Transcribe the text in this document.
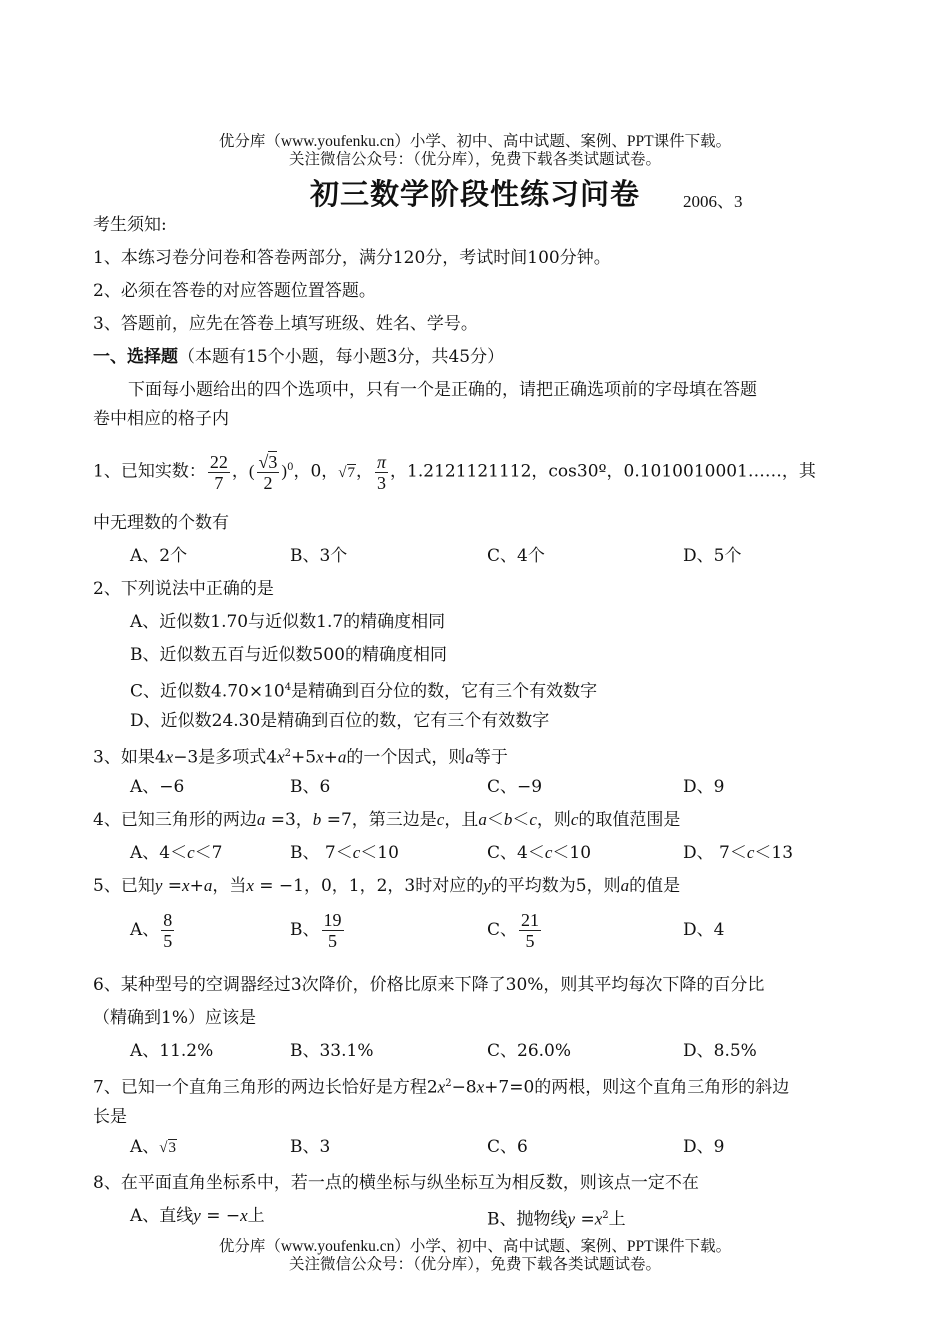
优分库（www.youfenku.cn）小学、初中、高中试题、案例、PPT课件下载。
关注微信公众号：（优分库），免费下载各类试题试卷。
初三数学阶段性练习问卷	2006、3
考生须知:
1、本练习卷分问卷和答卷两部分，满分120分，考试时间100分钟。
2、必须在答卷的对应答题位置答题。
3、答题前，应先在答卷上填写班级、姓名、学号。
一、选择题（本题有15个小题，每小题3分，共45分）
下面每小题给出的四个选项中，只有一个是正确的，请把正确选项前的字母填在答题
卷中相应的格子内
1、已知实数： $\frac{22}{7}$ ，( $\frac{√3}{2} )^0$，0，√7， $\frac{\pi}{3}$ ，1.2121121112，cos30º，0.1010010001……，其
中无理数的个数有
A、2个	B、3个	C、4个	D、5个
2、下列说法中正确的是
A、近似数1.70与近似数1.7的精确度相同
B、近似数五百与近似数500的精确度相同
C、近似数$4.70\times 10^4$是精确到百分位的数，它有三个有效数字
D、近似数24.30是精确到百位的数，它有三个有效数字
3、如果4x−3是多项式$4x^2+5x+a$的一个因式，则a等于
A、−6	B、6	C、−9	D、9
4、已知三角形的两边a =3，b =7，第三边是c，且a＜b＜c，则c的取值范围是
A、4＜c＜7	B、 7＜c＜10	C、4＜c＜10	D、 7＜c＜13
5、已知y =x+a，当x = −1，0，1，2，3时对应的y的平均数为5，则a的值是
A、 $\frac{8}{5}$	B、 $\frac{19}{5}$	C、 $\frac{21}{5}$	D、4
6、某种型号的空调器经过3次降价，价格比原来下降了30%，则其平均每次下降的百分比
（精确到1%）应该是
A、11.2%	B、33.1%	C、26.0%	D、8.5%
7、已知一个直角三角形的两边长恰好是方程$2x^2-8x+7=0$的两根，则这个直角三角形的斜边
长是
A、√3	B、3	C、6	D、9
8、在平面直角坐标系中，若一点的横坐标与纵坐标互为相反数，则该点一定不在
A、直线y = −x上	B、抛物线$y =x^2$上
优分库（www.youfenku.cn）小学、初中、高中试题、案例、PPT课件下载。
关注微信公众号：（优分库），免费下载各类试题试卷。
